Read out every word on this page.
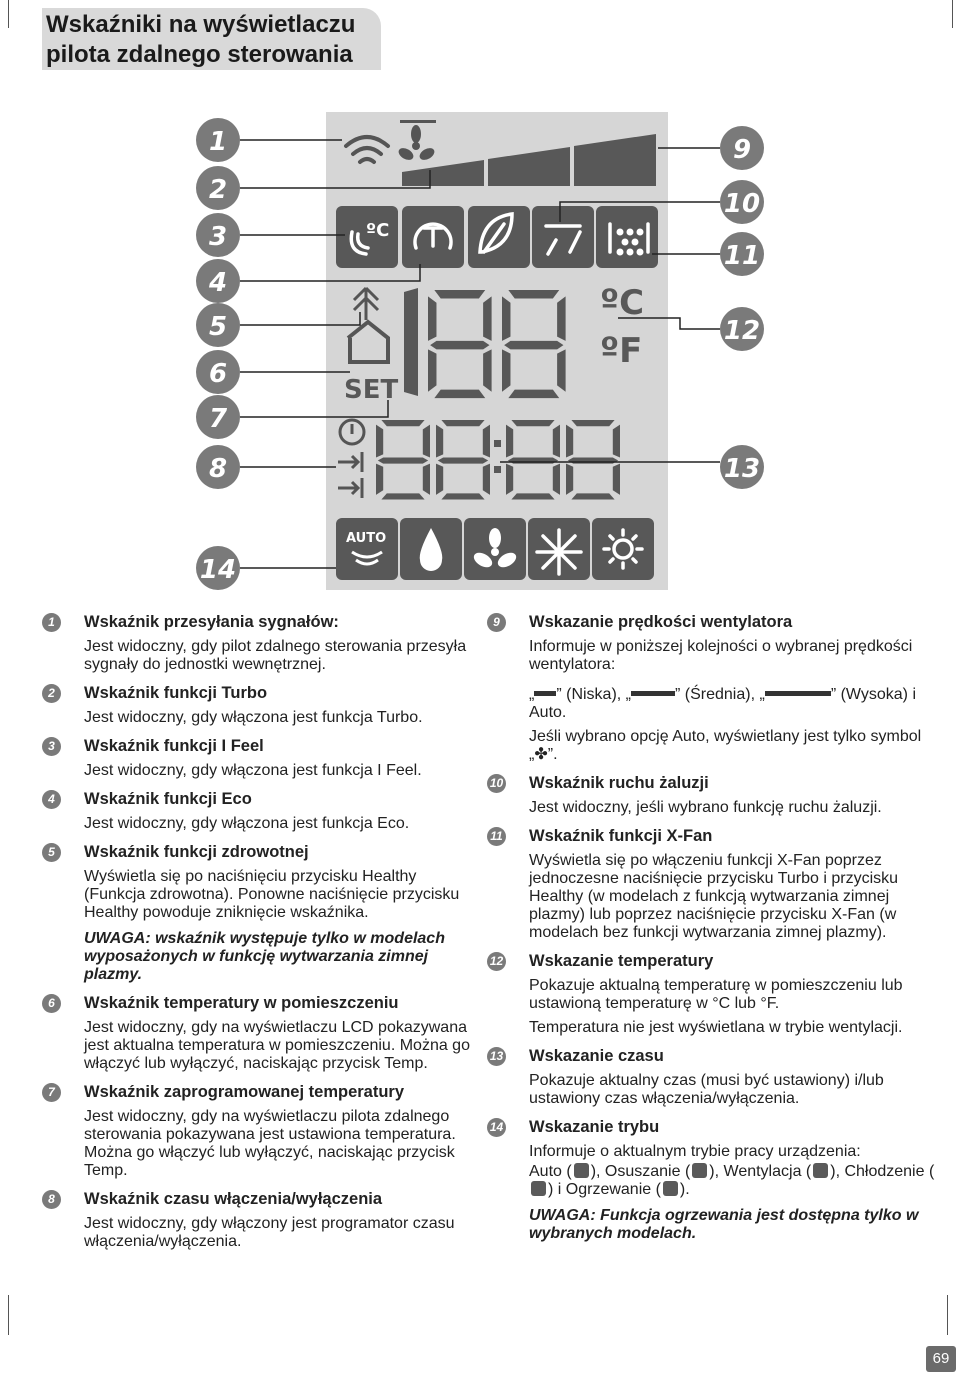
Wskaźniki na wyświetlaczu
pilota zdalnego sterowania
ºC
SET
ºC
ºF
AUTO
1
2
3
4
5
6
7
8
14
9
10
11
12
13
1	Wskaźnik przesyłania sygnałów:

Jest widoczny, gdy pilot zdalnego sterowania przesyła sygnały do jednostki wewnętrznej.

2	Wskaźnik funkcji Turbo

Jest widoczny, gdy włączona jest funkcja Turbo.

3	Wskaźnik funkcji I Feel

Jest widoczny, gdy włączona jest funkcja I Feel.

4	Wskaźnik funkcji Eco

Jest widoczny, gdy włączona jest funkcja Eco.

5	Wskaźnik funkcji zdrowotnej

Wyświetla się po naciśnięciu przycisku Healthy (Funkcja zdrowotna). Ponowne naciśnięcie przycisku Healthy powoduje zniknięcie wskaźnika.

UWAGA: wskaźnik występuje tylko w modelach wyposażonych w funkcję wytwarzania zimnej plazmy.

6	Wskaźnik temperatury w pomieszczeniu

Jest widoczny, gdy na wyświetlaczu LCD pokazywana jest aktualna temperatura w pomieszczeniu. Można go włączyć lub wyłączyć, naciskając przycisk Temp.

7	Wskaźnik zaprogramowanej temperatury

Jest widoczny, gdy na wyświetlaczu pilota zdalnego sterowania pokazywana jest ustawiona temperatura. Można go włączyć lub wyłączyć, naciskając przycisk Temp.

8	Wskaźnik czasu włączenia/wyłączenia

Jest widoczny, gdy włączony jest programator czasu włączenia/wyłączenia.

9	Wskazanie prędkości wentylatora

Informuje w poniższej kolejności o wybranej prędkości wentylatora:

„ ” (Niska), „	” (Średnia), „	” (Wysoka) i Auto.

Jeśli wybrano opcję Auto, wyświetlany jest tylko symbol „✤”.

10 Wskaźnik ruchu żaluzji

Jest widoczny, jeśli wybrano funkcję ruchu żaluzji.

11 Wskaźnik funkcji X-Fan

Wyświetla się po włączeniu funkcji X-Fan poprzez jednoczesne naciśnięcie przycisku Turbo i przycisku Healthy (w modelach z funkcją wytwarzania zimnej plazmy) lub poprzez naciśnięcie przycisku X-Fan (w modelach bez funkcji wytwarzania zimnej plazmy).

12 Wskazanie temperatury

Pokazuje aktualną temperaturę w pomieszczeniu lub ustawioną temperaturę w °C lub °F.

Temperatura nie jest wyświetlana w trybie wentylacji.

13 Wskazanie czasu

Pokazuje aktualny czas (musi być ustawiony) i/lub ustawiony czas włączenia/wyłączenia.

14 Wskazanie trybu

Informuje o aktualnym trybie pracy urządzenia:

Auto ( ), Osuszanie ( ), Wentylacja ( ), Chłodzenie () i Ogrzewanie ( ).

UWAGA: Funkcja ogrzewania jest dostępna tylko w wybranych modelach.

69
